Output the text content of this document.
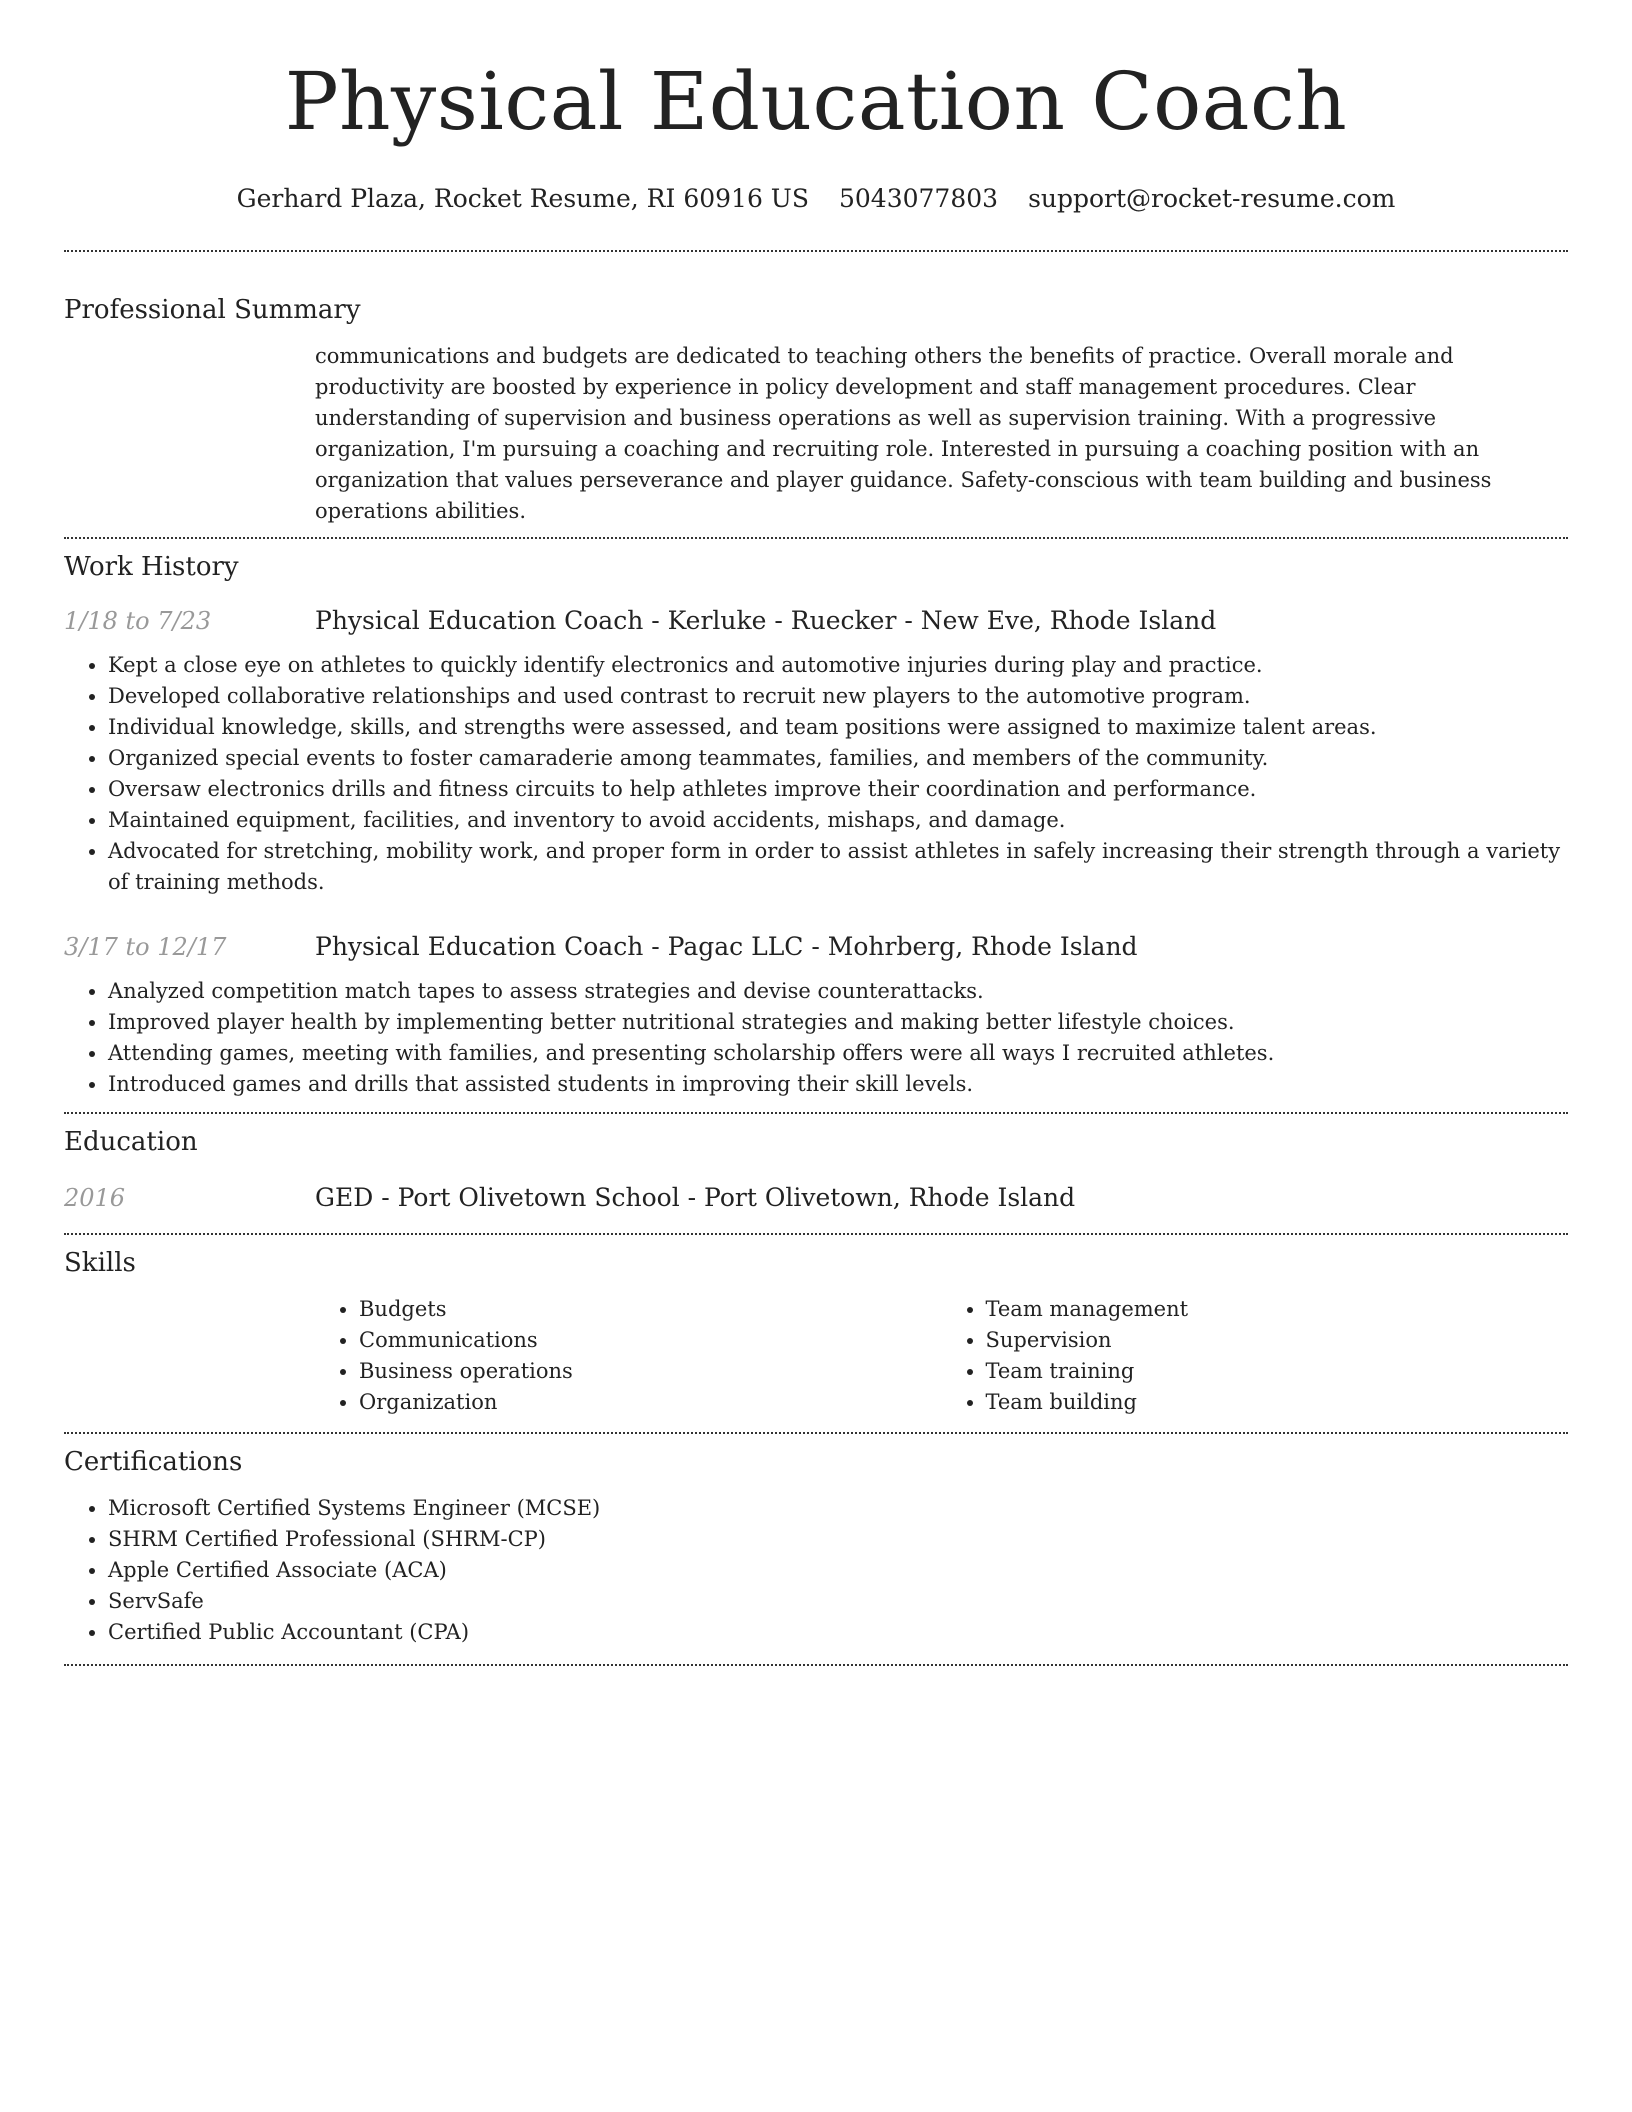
Physical Education Coach
Gerhard Plaza, Rocket Resume, RI 60916 US 5043077803 support@rocket-resume.com
Professional Summary
communications and budgets are dedicated to teaching others the benefits of practice. Overall morale and productivity are boosted by experience in policy development and staff management procedures. Clear understanding of supervision and business operations as well as supervision training. With a progressive organization, I'm pursuing a coaching and recruiting role. Interested in pursuing a coaching position with an organization that values perseverance and player guidance. Safety-conscious with team building and business operations abilities.
Work History
1/18 to 7/23	Physical Education Coach - Kerluke - Ruecker - New Eve, Rhode Island
• Kept a close eye on athletes to quickly identify electronics and automotive injuries during play and practice.
• Developed collaborative relationships and used contrast to recruit new players to the automotive program.
• Individual knowledge, skills, and strengths were assessed, and team positions were assigned to maximize talent areas.
• Organized special events to foster camaraderie among teammates, families, and members of the community.
• Oversaw electronics drills and fitness circuits to help athletes improve their coordination and performance.
• Maintained equipment, facilities, and inventory to avoid accidents, mishaps, and damage.
• Advocated for stretching, mobility work, and proper form in order to assist athletes in safely increasing their strength through a variety of training methods.
3/17 to 12/17	Physical Education Coach - Pagac LLC - Mohrberg, Rhode Island
• Analyzed competition match tapes to assess strategies and devise counterattacks.
• Improved player health by implementing better nutritional strategies and making better lifestyle choices.
• Attending games, meeting with families, and presenting scholarship offers were all ways I recruited athletes.
• Introduced games and drills that assisted students in improving their skill levels.
Education
2016	GED - Port Olivetown School - Port Olivetown, Rhode Island
Skills
• Budgets
• Communications
• Business operations
• Organization
• Team management
• Supervision
• Team training
• Team building
Certifications
• Microsoft Certified Systems Engineer (MCSE)
• SHRM Certified Professional (SHRM-CP)
• Apple Certified Associate (ACA)
• ServSafe
• Certified Public Accountant (CPA)
